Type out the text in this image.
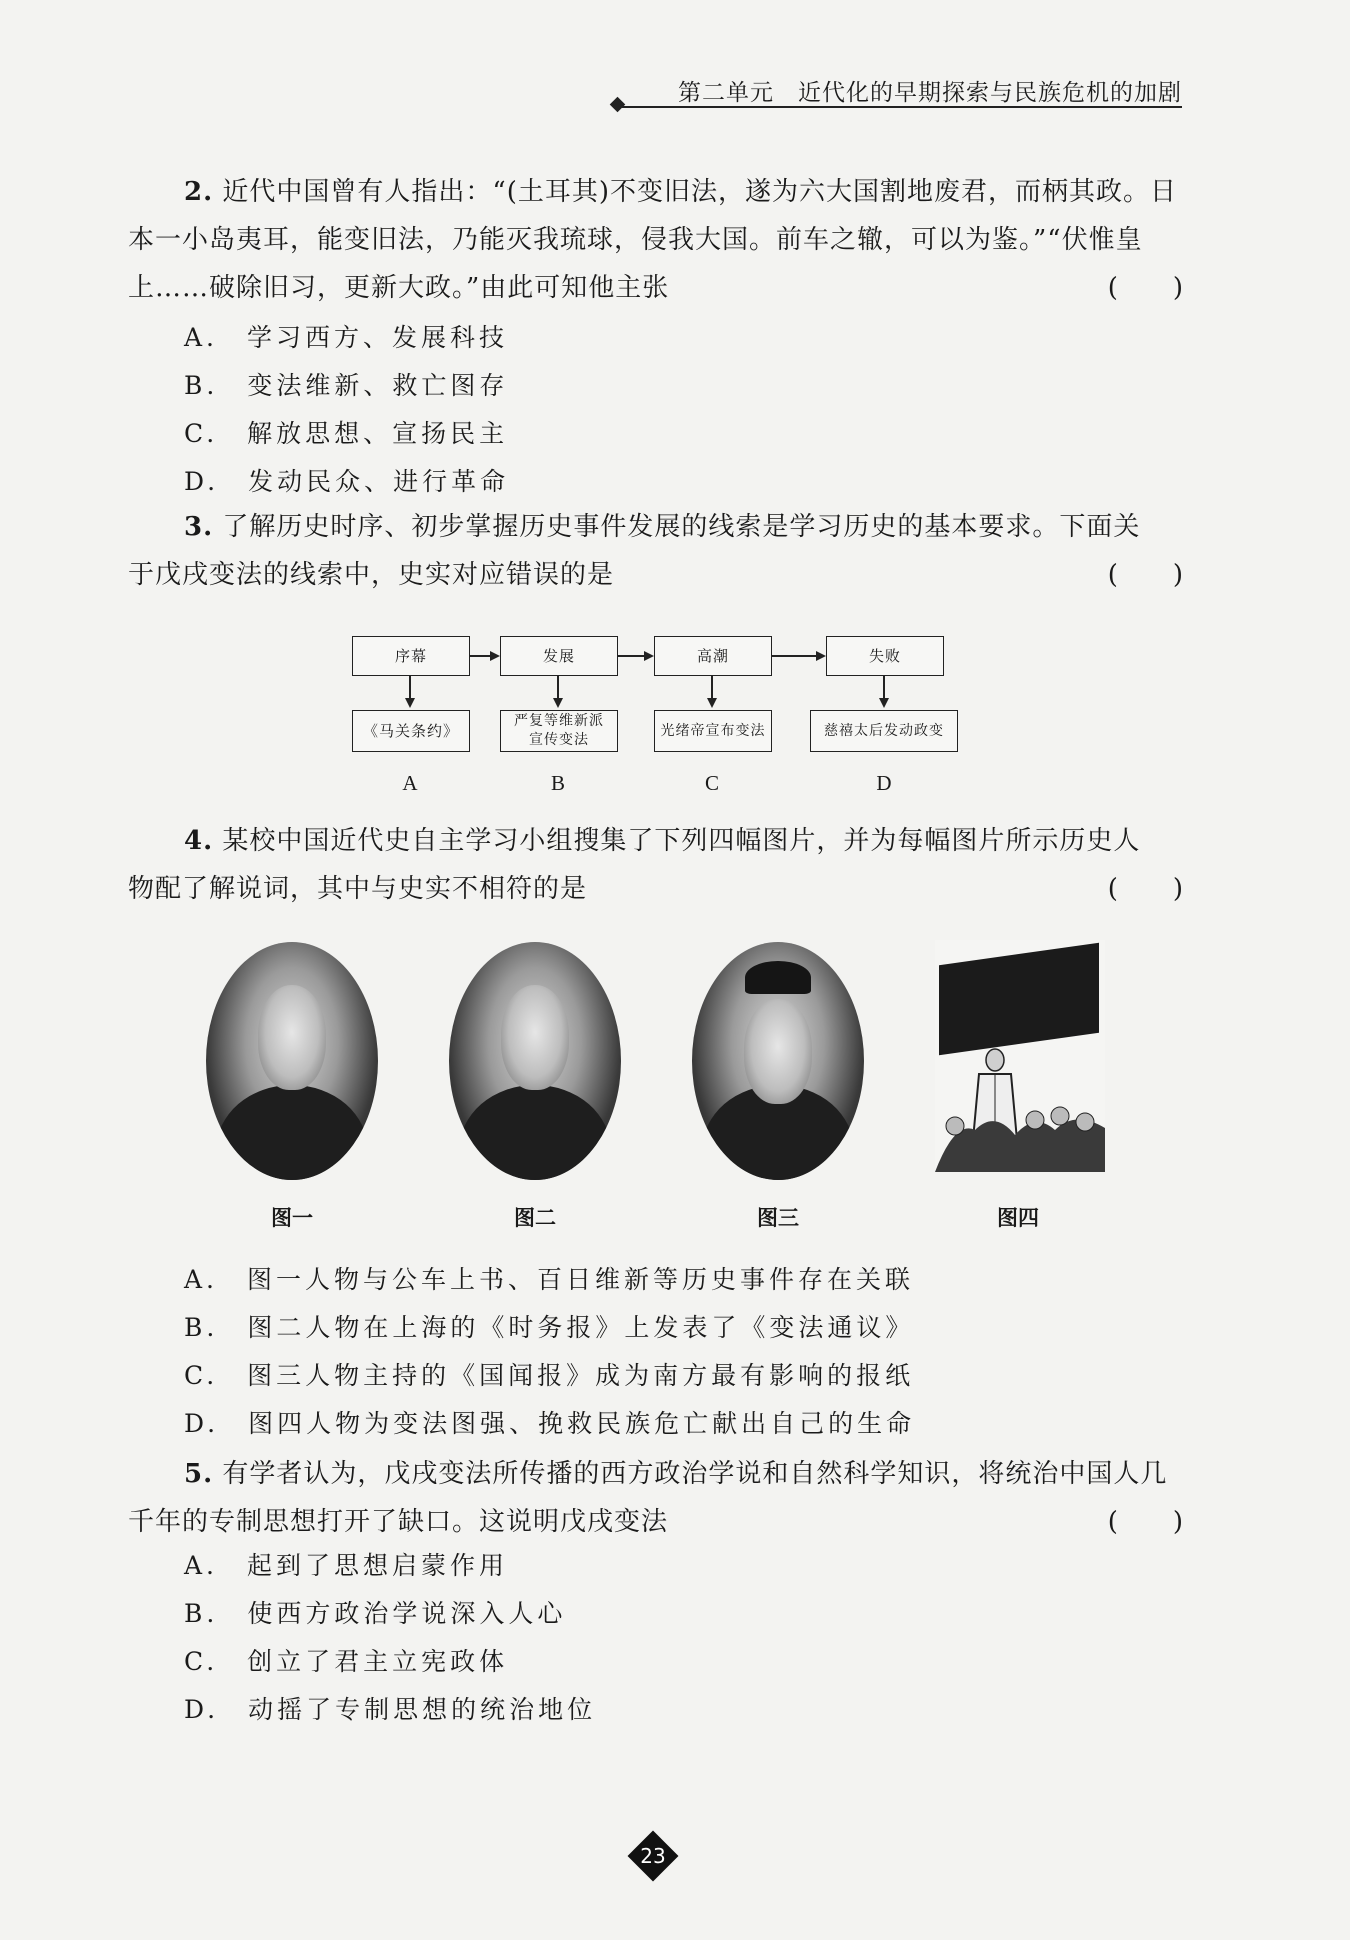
第二单元　近代化的早期探索与民族危机的加剧
2. 近代中国曾有人指出：“(土耳其)不变旧法，遂为六大国割地废君，而柄其政。日
本一小岛夷耳，能变旧法，乃能灭我琉球，侵我大国。前车之辙，可以为鉴。”“伏惟皇
上……破除旧习，更新大政。”由此可知他主张	(　　)
A.　学习西方、发展科技
B.　变法维新、救亡图存
C.　解放思想、宣扬民主
D.　发动民众、进行革命
3. 了解历史时序、初步掌握历史事件发展的线索是学习历史的基本要求。下面关
于戊戌变法的线索中，史实对应错误的是	(　　)
序幕	发展	高潮	失败
《马关条约》
严复等维新派
宣传变法
光绪帝宣布变法	慈禧太后发动政变
A	B	C	D
4. 某校中国近代史自主学习小组搜集了下列四幅图片，并为每幅图片所示历史人
物配了解说词，其中与史实不相符的是	(　　)
图一	图二	图三	图四
A.　图一人物与公车上书、百日维新等历史事件存在关联
B.　图二人物在上海的《时务报》上发表了《变法通议》
C.　图三人物主持的《国闻报》成为南方最有影响的报纸
D.　图四人物为变法图强、挽救民族危亡献出自己的生命
5. 有学者认为，戊戌变法所传播的西方政治学说和自然科学知识，将统治中国人几
千年的专制思想打开了缺口。这说明戊戌变法	(　　)
A.　起到了思想启蒙作用
B.　使西方政治学说深入人心
C.　创立了君主立宪政体
D.　动摇了专制思想的统治地位
23
